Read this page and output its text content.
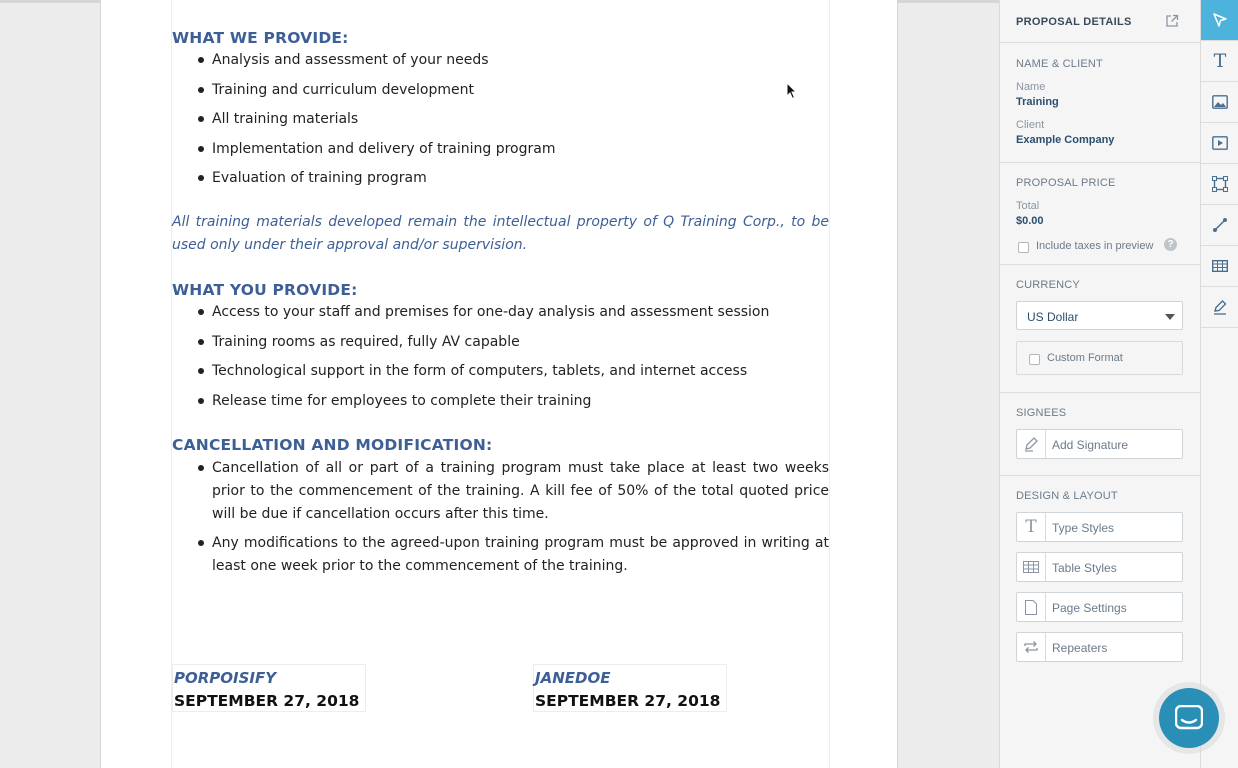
WHAT WE PROVIDE:
Analysis and assessment of your needs
Training and curriculum development
All training materials
Implementation and delivery of training program
Evaluation of training program

All training materials developed remain the intellectual property of Q Training Corp., to be used only under their approval and/or supervision.

WHAT YOU PROVIDE:
Access to your staff and premises for one-day analysis and assessment session
Training rooms as required, fully AV capable
Technological support in the form of computers, tablets, and internet access
Release time for employees to complete their training
CANCELLATION AND MODIFICATION:
Cancellation of all or part of a training program must take place at least two weeks prior to the commencement of the training. A kill fee of 50% of the total quoted price will be due if cancellation occurs after this time.
Any modifications to the agreed-upon training program must be approved in writing at least one week prior to the commencement of the training.
PORPOISIFY
SEPTEMBER 27, 2018
JANEDOE
SEPTEMBER 27, 2018
PROPOSAL DETAILS
NAME & CLIENT
Name
Training
Client
Example Company
PROPOSAL PRICE
Total
$0.00
Include taxes in preview	?
CURRENCY
US Dollar
Custom Format
SIGNEES
Add Signature
DESIGN & LAYOUT
T Type Styles
Table Styles
Page Settings
Repeaters
T
